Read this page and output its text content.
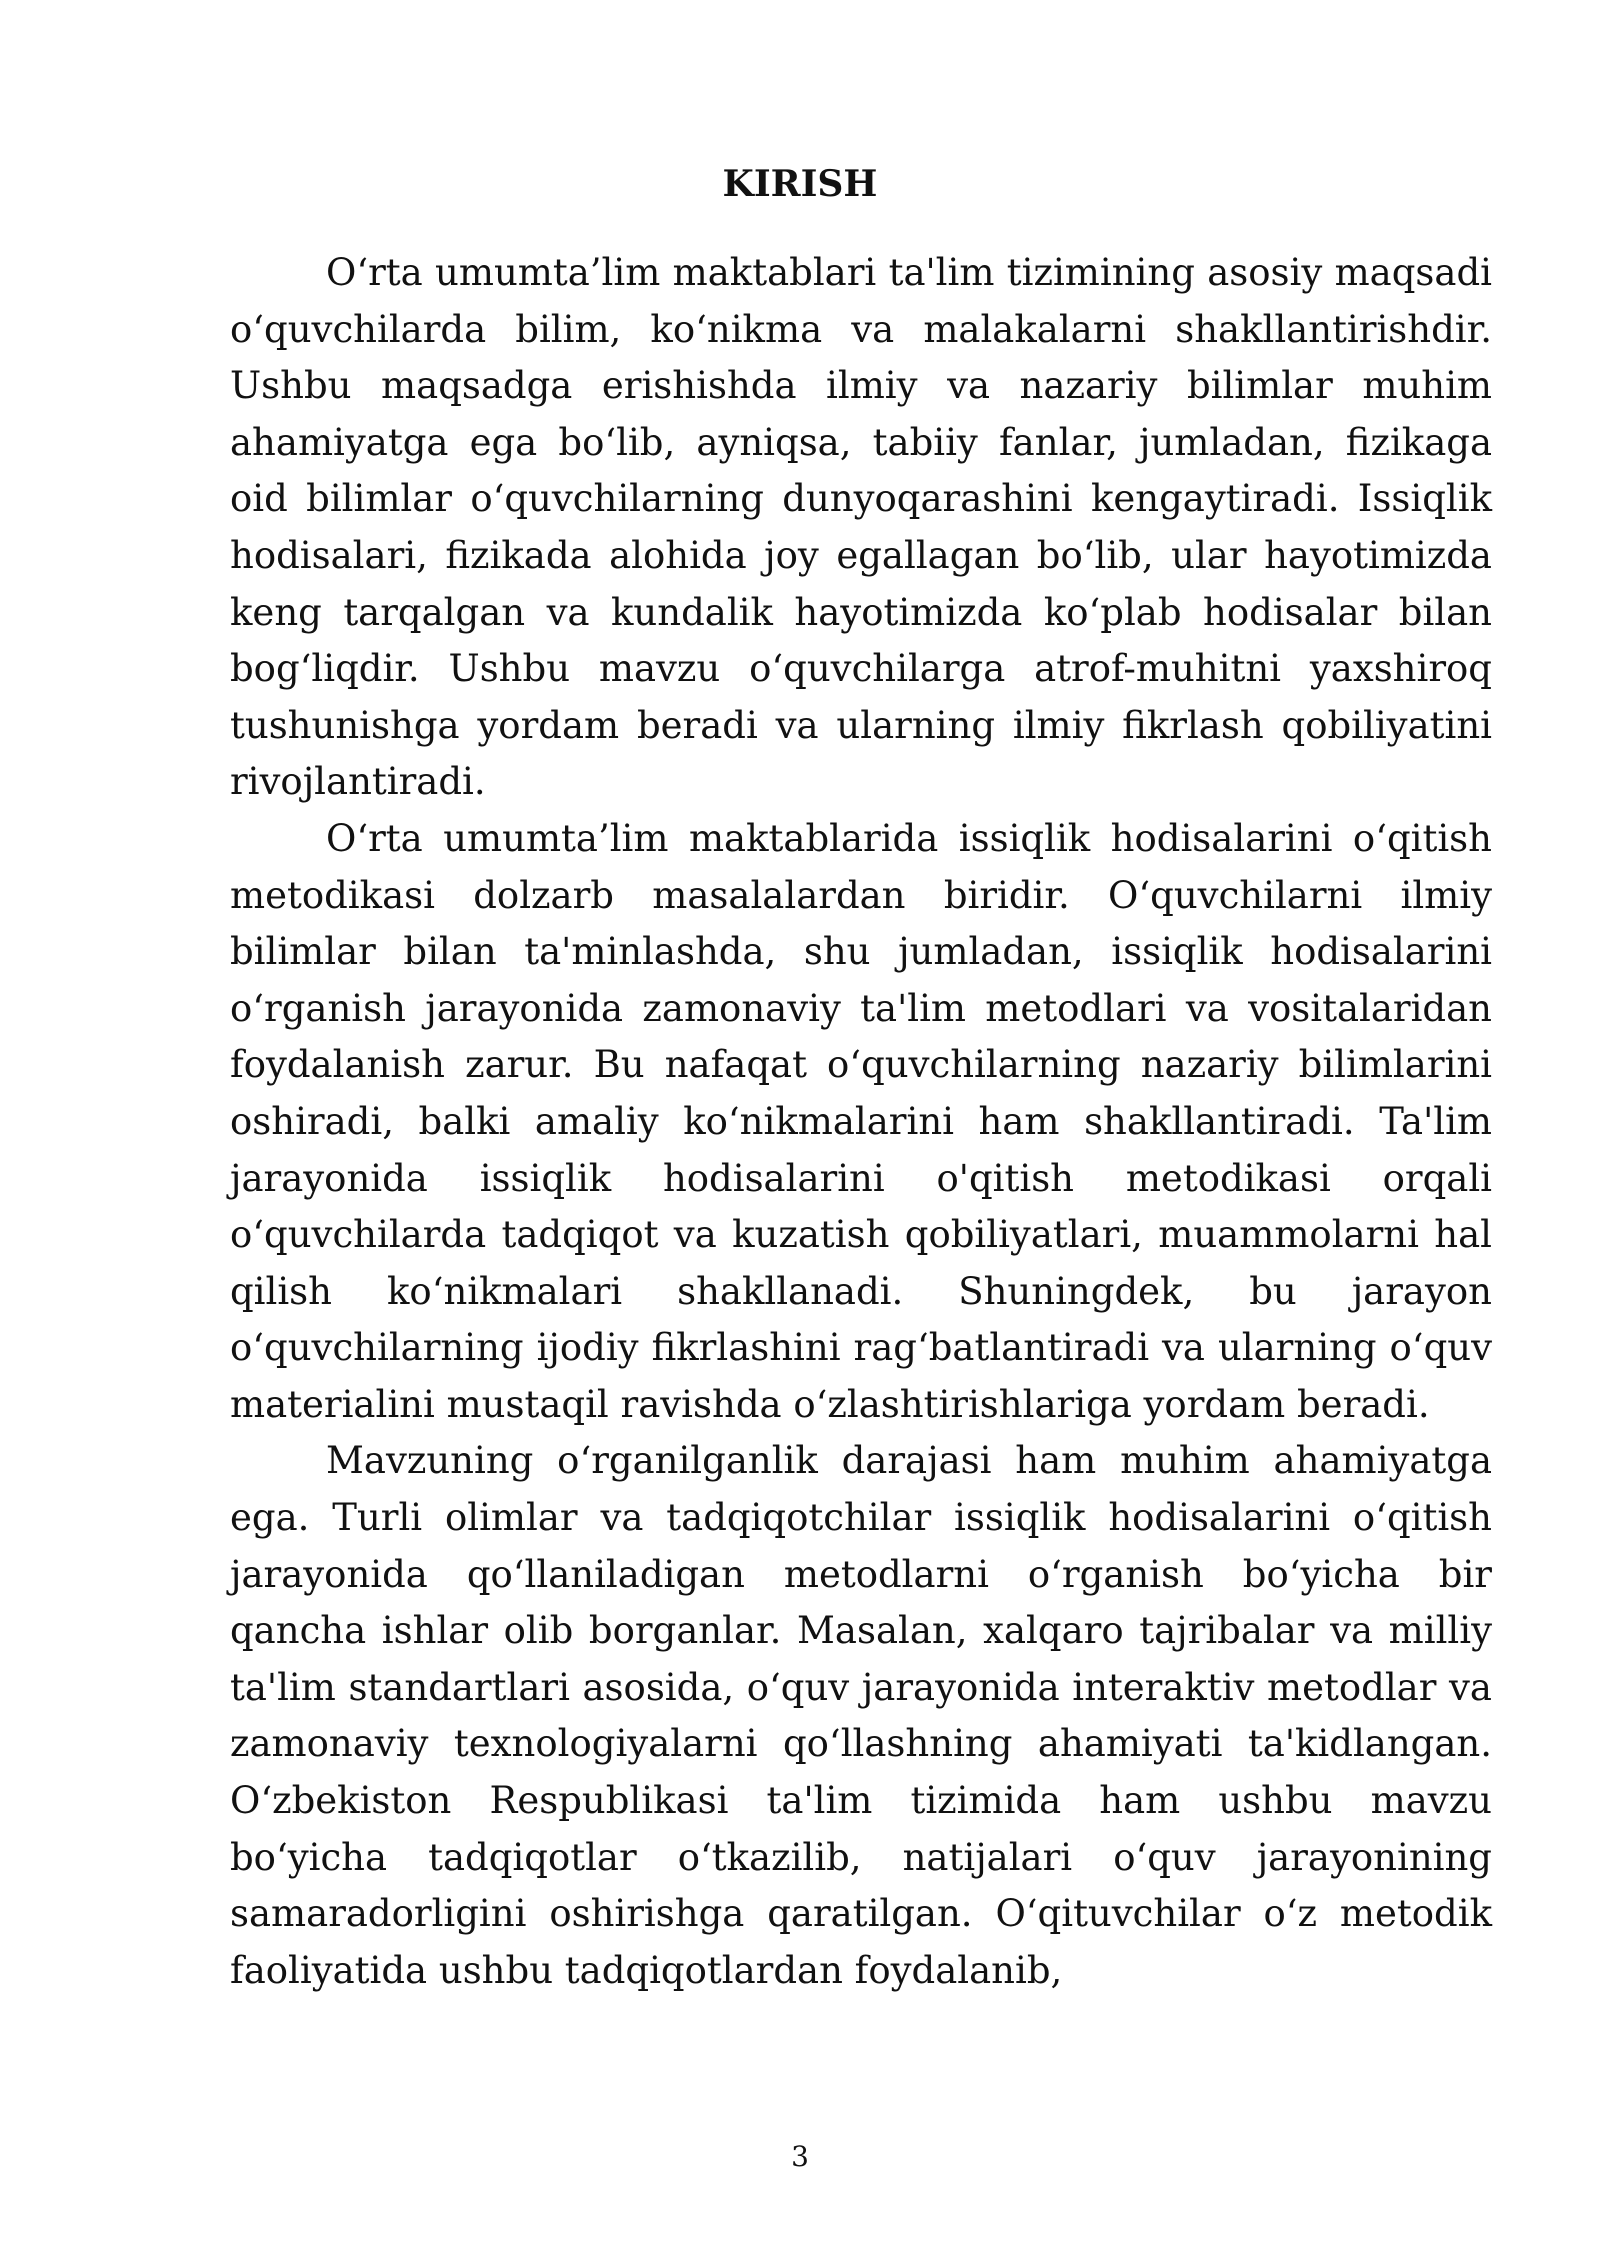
KIRISH

O‘rta umumta’lim maktablari ta'lim tizimining asosiy maqsadi o‘quvchilarda bilim, ko‘nikma va malakalarni shakllantirishdir. Ushbu maqsadga erishishda ilmiy va nazariy bilimlar muhim ahamiyatga ega bo‘lib, ayniqsa, tabiiy fanlar, jumladan, fizikaga oid bilimlar o‘quvchilarning dunyoqarashini kengaytiradi. Issiqlik hodisalari, fizikada alohida joy egallagan bo‘lib, ular hayotimizda keng tarqalgan va kundalik hayotimizda ko‘plab hodisalar bilan bog‘liqdir. Ushbu mavzu o‘quvchilarga atrof-muhitni yaxshiroq tushunishga yordam beradi va ularning ilmiy fikrlash qobiliyatini rivojlantiradi.

O‘rta umumta’lim maktablarida issiqlik hodisalarini o‘qitish metodikasi dolzarb masalalardan biridir. O‘quvchilarni ilmiy bilimlar bilan ta'minlashda, shu jumladan, issiqlik hodisalarini o‘rganish jarayonida zamonaviy ta'lim metodlari va vositalaridan foydalanish zarur. Bu nafaqat o‘quvchilarning nazariy bilimlarini oshiradi, balki amaliy ko‘nikmalarini ham shakllantiradi. Ta'lim jarayonida issiqlik hodisalarini o'qitish metodikasi orqali o‘quvchilarda tadqiqot va kuzatish qobiliyatlari, muammolarni hal qilish ko‘nikmalari shakllanadi. Shuningdek, bu jarayon o‘quvchilarning ijodiy fikrlashini rag‘batlantiradi va ularning o‘quv materialini mustaqil ravishda o‘zlashtirishlariga yordam beradi.

Mavzuning o‘rganilganlik darajasi ham muhim ahamiyatga ega. Turli olimlar va tadqiqotchilar issiqlik hodisalarini o‘qitish jarayonida qo‘llaniladigan metodlarni o‘rganish bo‘yicha bir qancha ishlar olib borganlar. Masalan, xalqaro tajribalar va milliy ta'lim standartlari asosida, o‘quv jarayonida interaktiv metodlar va zamonaviy texnologiyalarni qo‘llashning ahamiyati ta'kidlangan. O‘zbekiston Respublikasi ta'lim tizimida ham ushbu mavzu bo‘yicha tadqiqotlar o‘tkazilib, natijalari o‘quv jarayonining samaradorligini oshirishga qaratilgan. O‘qituvchilar o‘z metodik faoliyatida ushbu tadqiqotlardan foydalanib,

3
